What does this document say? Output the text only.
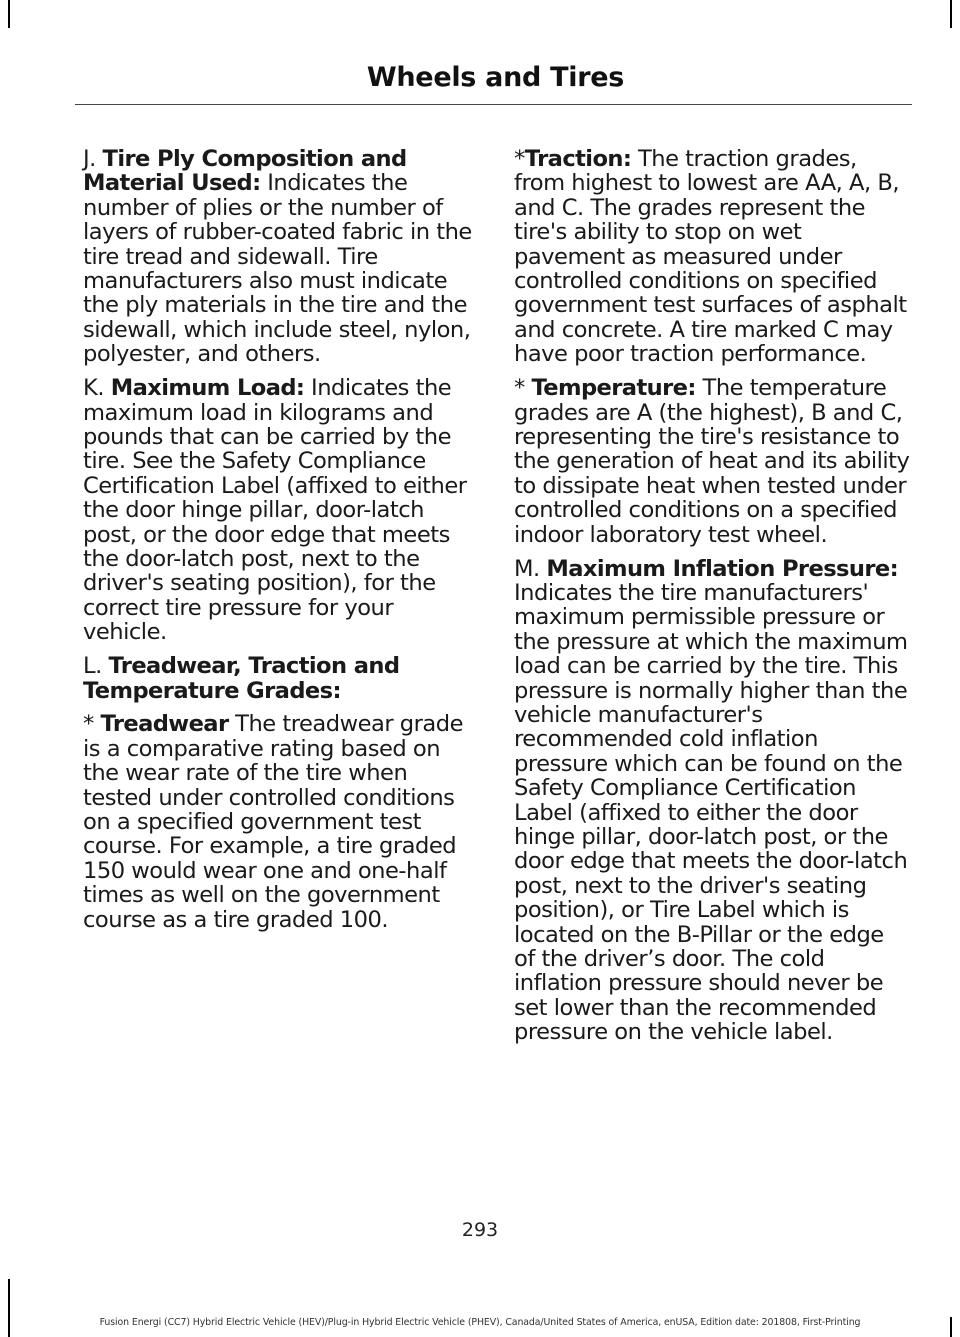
Wheels and Tires

J. Tire Ply Composition and Material Used: Indicates the number of plies or the number of layers of rubber-coated fabric in the tire tread and sidewall. Tire manufacturers also must indicate the ply materials in the tire and the sidewall, which include steel, nylon, polyester, and others.

K. Maximum Load: Indicates the maximum load in kilograms and pounds that can be carried by the tire. See the Safety Compliance Certification Label (affixed to either the door hinge pillar, door-latch post, or the door edge that meets the door-latch post, next to the driver's seating position), for the correct tire pressure for your vehicle.

L. Treadwear, Traction and Temperature Grades:

* Treadwear The treadwear grade is a comparative rating based on the wear rate of the tire when tested under controlled conditions on a specified government test course. For example, a tire graded 150 would wear one and one-half times as well on the government course as a tire graded 100.

*Traction: The traction grades, from highest to lowest are AA, A, B, and C. The grades represent the tire's ability to stop on wet pavement as measured under controlled conditions on specified government test surfaces of asphalt and concrete. A tire marked C may have poor traction performance.

* Temperature: The temperature grades are A (the highest), B and C, representing the tire's resistance to the generation of heat and its ability to dissipate heat when tested under controlled conditions on a specified indoor laboratory test wheel.

M. Maximum Inflation Pressure: Indicates the tire manufacturers' maximum permissible pressure or the pressure at which the maximum load can be carried by the tire. This pressure is normally higher than the vehicle manufacturer's recommended cold inflation pressure which can be found on the Safety Compliance Certification Label (affixed to either the door hinge pillar, door-latch post, or the door edge that meets the door-latch post, next to the driver's seating position), or Tire Label which is located on the B-Pillar or the edge of the driver’s door. The cold inflation pressure should never be set lower than the recommended pressure on the vehicle label.

293
Fusion Energi (CC7) Hybrid Electric Vehicle (HEV)/Plug-in Hybrid Electric Vehicle (PHEV), Canada/United States of America, enUSA, Edition date: 201808, First-Printing
